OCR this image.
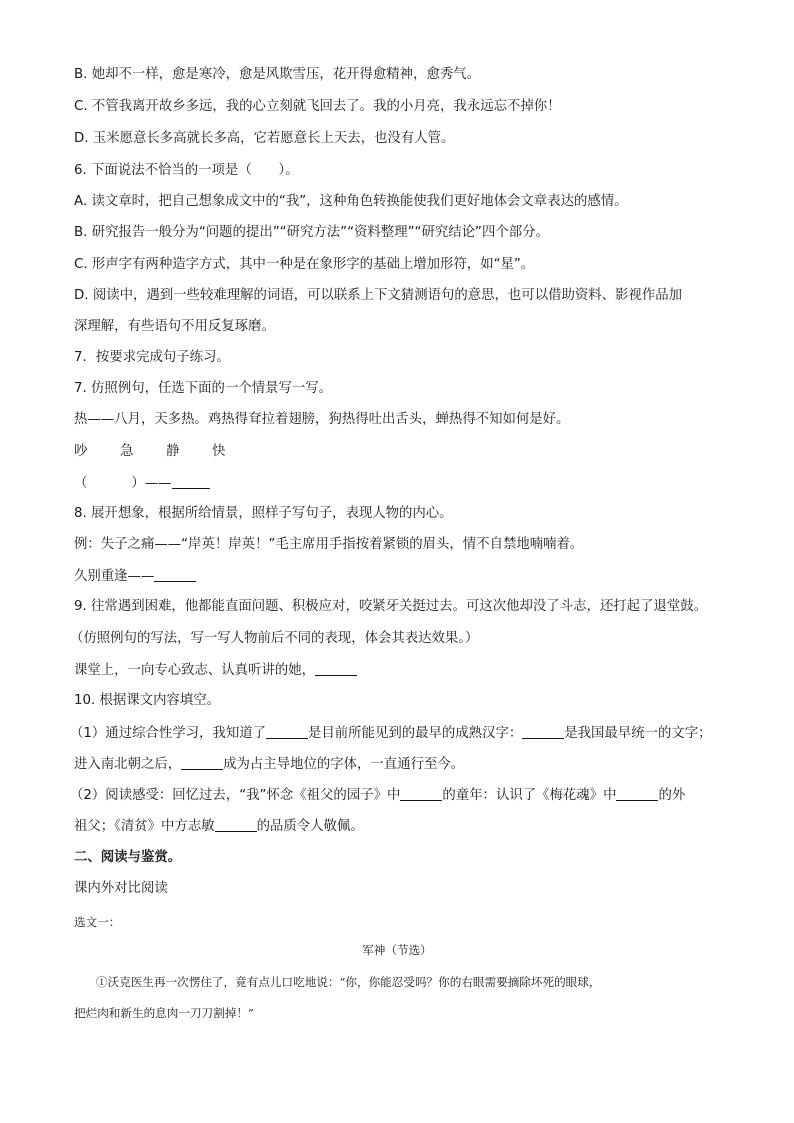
B. 她却不一样，愈是寒冷，愈是风欺雪压，花开得愈精神，愈秀气。
C. 不管我离开故乡多远，我的心立刻就飞回去了。我的小月亮，我永远忘不掉你！
D. 玉米愿意长多高就长多高，它若愿意长上天去，也没有人管。
6. 下面说法不恰当的一项是（　　）。
A. 读文章时，把自己想象成文中的“我”，这种角色转换能使我们更好地体会文章表达的感情。
B. 研究报告一般分为“问题的提出”“研究方法”“资料整理”“研究结论”四个部分。
C. 形声字有两种造字方式，其中一种是在象形字的基础上增加形符，如“星”。
D. 阅读中，遇到一些较难理解的词语，可以联系上下文猜测语句的意思，也可以借助资料、影视作品加
深理解，有些语句不用反复琢磨。
7．按要求完成句子练习。
7. 仿照例句，任选下面的一个情景写一写。
热——八月，天多热。鸡热得耷拉着翅膀，狗热得吐出舌头，蝉热得不知如何是好。
吵 急 静 快
（	）——
8. 展开想象，根据所给情景，照样子写句子，表现人物的内心。
例：失子之痛——“岸英！岸英！”毛主席用手指按着紧锁的眉头，情不自禁地喃喃着。
久别重逢——
9. 往常遇到困难，他都能直面问题、积极应对，咬紧牙关挺过去。可这次他却没了斗志，还打起了退堂鼓。
（仿照例句的写法，写一写人物前后不同的表现，体会其表达效果。）
课堂上，一向专心致志、认真听讲的她，
10. 根据课文内容填空。
（1）通过综合性学习，我知道了	是目前所能见到的最早的成熟汉字：	是我国最早统一的文字；
进入南北朝之后，	成为占主导地位的字体，一直通行至今。
（2）阅读感受：回忆过去，“我”怀念《祖父的园子》中	的童年：认识了《梅花魂》中	的外
祖父；《清贫》中方志敏	的品质令人敬佩。
二、阅读与鉴赏。
课内外对比阅读
选文一：
军神（节选）
①沃克医生再一次愣住了，竟有点儿口吃地说：“你，你能忍受吗？你的右眼需要摘除坏死的眼球，
把烂肉和新生的息肉一刀刀割掉！”
